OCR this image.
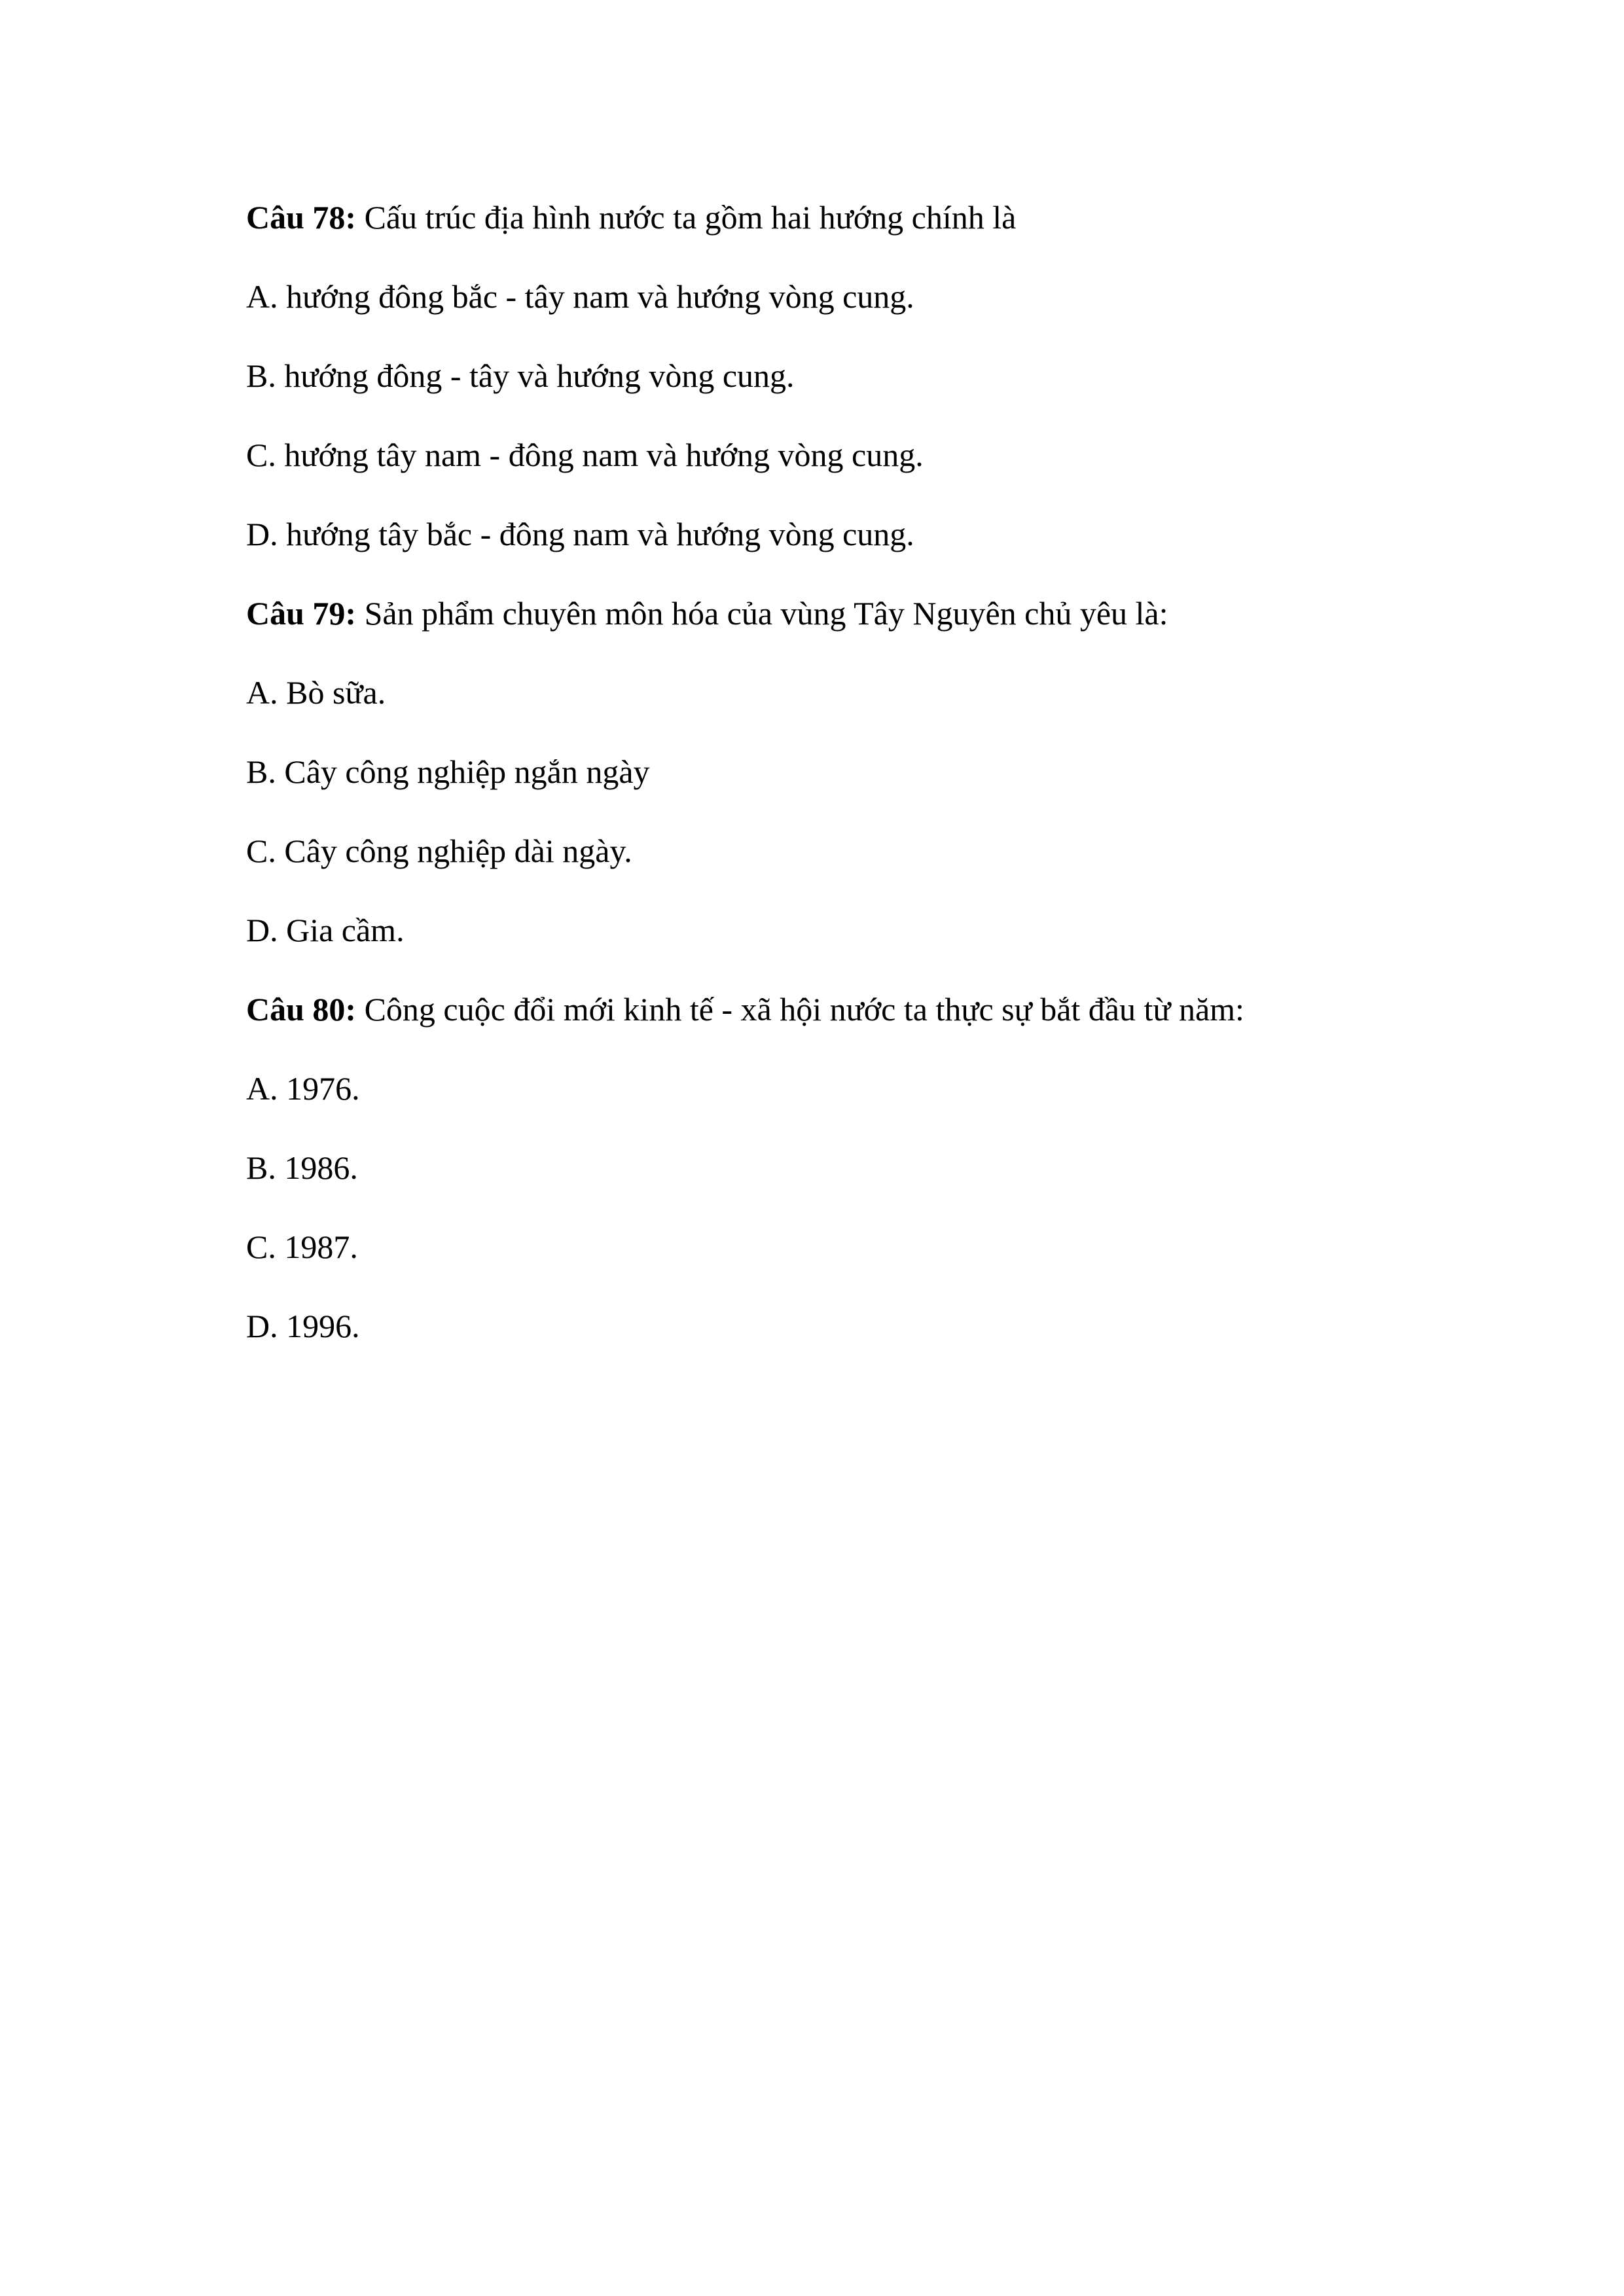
Câu 78: Cấu trúc địa hình nước ta gồm hai hướng chính là
A. hướng đông bắc - tây nam và hướng vòng cung.
B. hướng đông - tây và hướng vòng cung.
C. hướng tây nam - đông nam và hướng vòng cung.
D. hướng tây bắc - đông nam và hướng vòng cung.
Câu 79: Sản phẩm chuyên môn hóa của vùng Tây Nguyên chủ yêu là:
A. Bò sữa.
B. Cây công nghiệp ngắn ngày
C. Cây công nghiệp dài ngày.
D. Gia cầm.
Câu 80: Công cuộc đổi mới kinh tế - xã hội nước ta thực sự bắt đầu từ năm:
A. 1976.
B. 1986.
C. 1987.
D. 1996.
